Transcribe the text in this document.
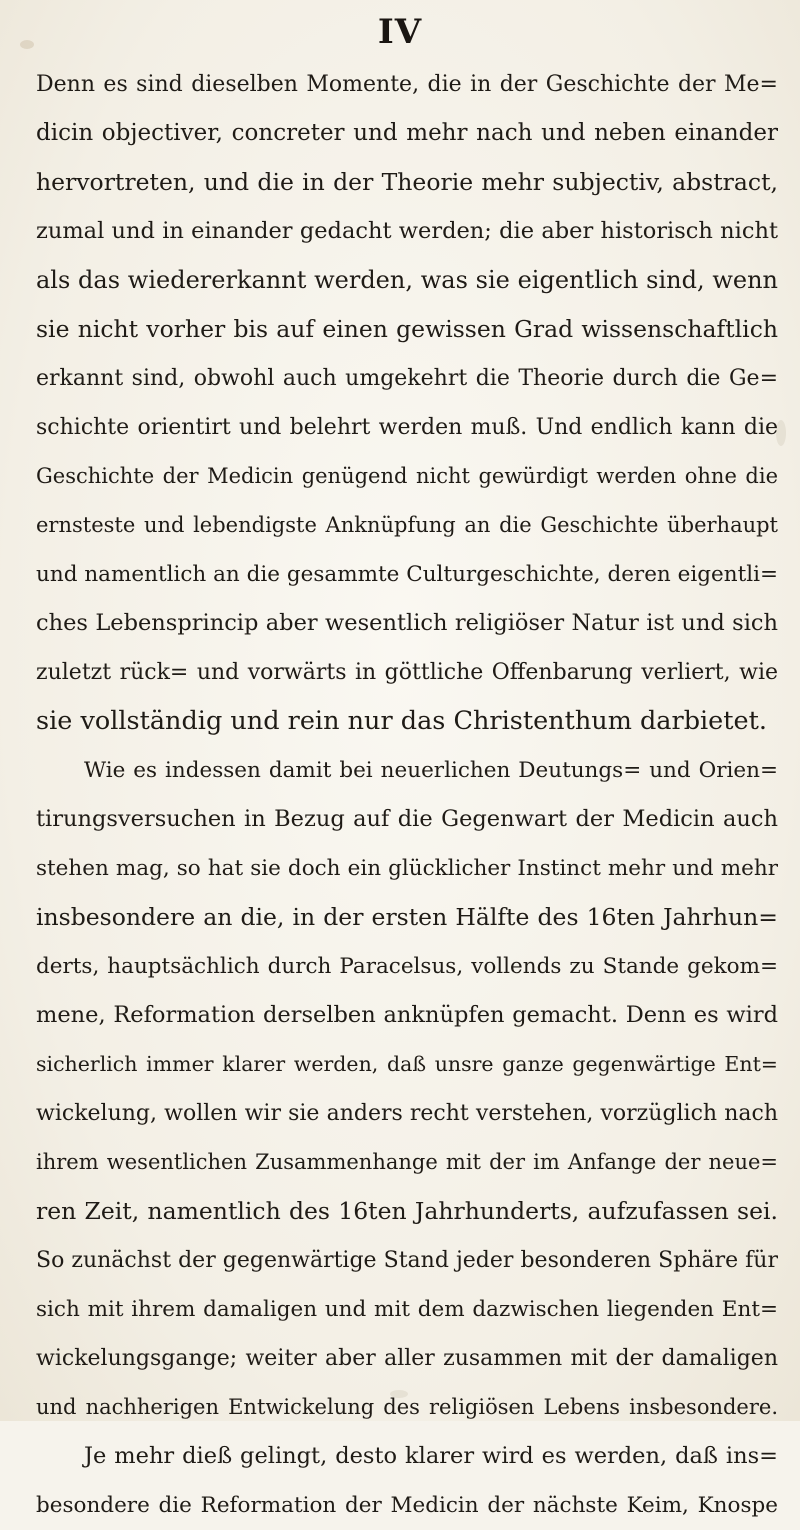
IV
Denn es sind dieselben Momente, die in der Geschichte der Me=
dicin objectiver, concreter und mehr nach und neben einander
hervortreten, und die in der Theorie mehr subjectiv, abstract,
zumal und in einander gedacht werden; die aber historisch nicht
als das wiedererkannt werden, was sie eigentlich sind, wenn
sie nicht vorher bis auf einen gewissen Grad wissenschaftlich
erkannt sind, obwohl auch umgekehrt die Theorie durch die Ge=
schichte orientirt und belehrt werden muß. Und endlich kann die
Geschichte der Medicin genügend nicht gewürdigt werden ohne die
ernsteste und lebendigste Anknüpfung an die Geschichte überhaupt
und namentlich an die gesammte Culturgeschichte, deren eigentli=
ches Lebensprincip aber wesentlich religiöser Natur ist und sich
zuletzt rück= und vorwärts in göttliche Offenbarung verliert, wie
sie vollständig und rein nur das Christenthum darbietet.
Wie es indessen damit bei neuerlichen Deutungs= und Orien=
tirungsversuchen in Bezug auf die Gegenwart der Medicin auch
stehen mag, so hat sie doch ein glücklicher Instinct mehr und mehr
insbesondere an die, in der ersten Hälfte des 16ten Jahrhun=
derts, hauptsächlich durch Paracelsus, vollends zu Stande gekom=
mene, Reformation derselben anknüpfen gemacht. Denn es wird
sicherlich immer klarer werden, daß unsre ganze gegenwärtige Ent=
wickelung, wollen wir sie anders recht verstehen, vorzüglich nach
ihrem wesentlichen Zusammenhange mit der im Anfange der neue=
ren Zeit, namentlich des 16ten Jahrhunderts, aufzufassen sei.
So zunächst der gegenwärtige Stand jeder besonderen Sphäre für
sich mit ihrem damaligen und mit dem dazwischen liegenden Ent=
wickelungsgange; weiter aber aller zusammen mit der damaligen
und nachherigen Entwickelung des religiösen Lebens insbesondere.
Je mehr dieß gelingt, desto klarer wird es werden, daß ins=
besondere die Reformation der Medicin der nächste Keim, Knospe
